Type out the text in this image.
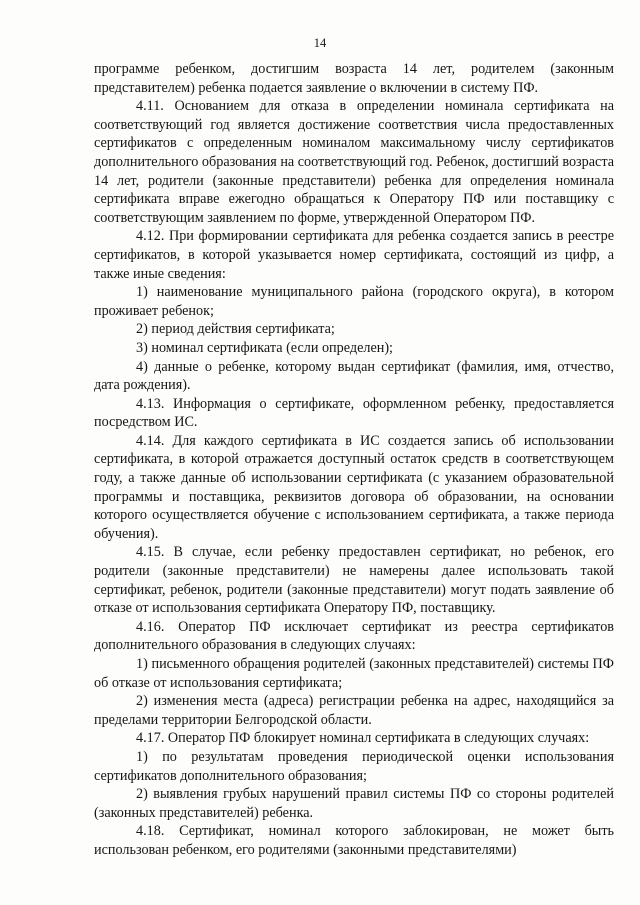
14

программе ребенком, достигшим возраста 14 лет, родителем (законным представителем) ребенка подается заявление о включении в систему ПФ.

4.11. Основанием для отказа в определении номинала сертификата на соответствующий год является достижение соответствия числа предоставленных сертификатов с определенным номиналом максимальному числу сертификатов дополнительного образования на соответствующий год. Ребенок, достигший возраста 14 лет, родители (законные представители) ребенка для определения номинала сертификата вправе ежегодно обращаться к Оператору ПФ или поставщику с соответствующим заявлением по форме, утвержденной Оператором ПФ.

4.12. При формировании сертификата для ребенка создается запись в реестре сертификатов, в которой указывается номер сертификата, состоящий из цифр, а также иные сведения:

1) наименование муниципального района (городского округа), в котором проживает ребенок;

2) период действия сертификата;

3) номинал сертификата (если определен);

4) данные о ребенке, которому выдан сертификат (фамилия, имя, отчество, дата рождения).

4.13. Информация о сертификате, оформленном ребенку, предоставляется посредством ИС.

4.14. Для каждого сертификата в ИС создается запись об использовании сертификата, в которой отражается доступный остаток средств в соответствующем году, а также данные об использовании сертификата (с указанием образовательной программы и поставщика, реквизитов договора об образовании, на основании которого осуществляется обучение с использованием сертификата, а также периода обучения).

4.15. В случае, если ребенку предоставлен сертификат, но ребенок, его родители (законные представители) не намерены далее использовать такой сертификат, ребенок, родители (законные представители) могут подать заявление об отказе от использования сертификата Оператору ПФ, поставщику.

4.16. Оператор ПФ исключает сертификат из реестра сертификатов дополнительного образования в следующих случаях:

1) письменного обращения родителей (законных представителей) системы ПФ об отказе от использования сертификата;

2) изменения места (адреса) регистрации ребенка на адрес, находящийся за пределами территории Белгородской области.

4.17. Оператор ПФ блокирует номинал сертификата в следующих случаях:

1) по результатам проведения периодической оценки использования сертификатов дополнительного образования;

2) выявления грубых нарушений правил системы ПФ со стороны родителей (законных представителей) ребенка.

4.18. Сертификат, номинал которого заблокирован, не может быть использован ребенком, его родителями (законными представителями)
